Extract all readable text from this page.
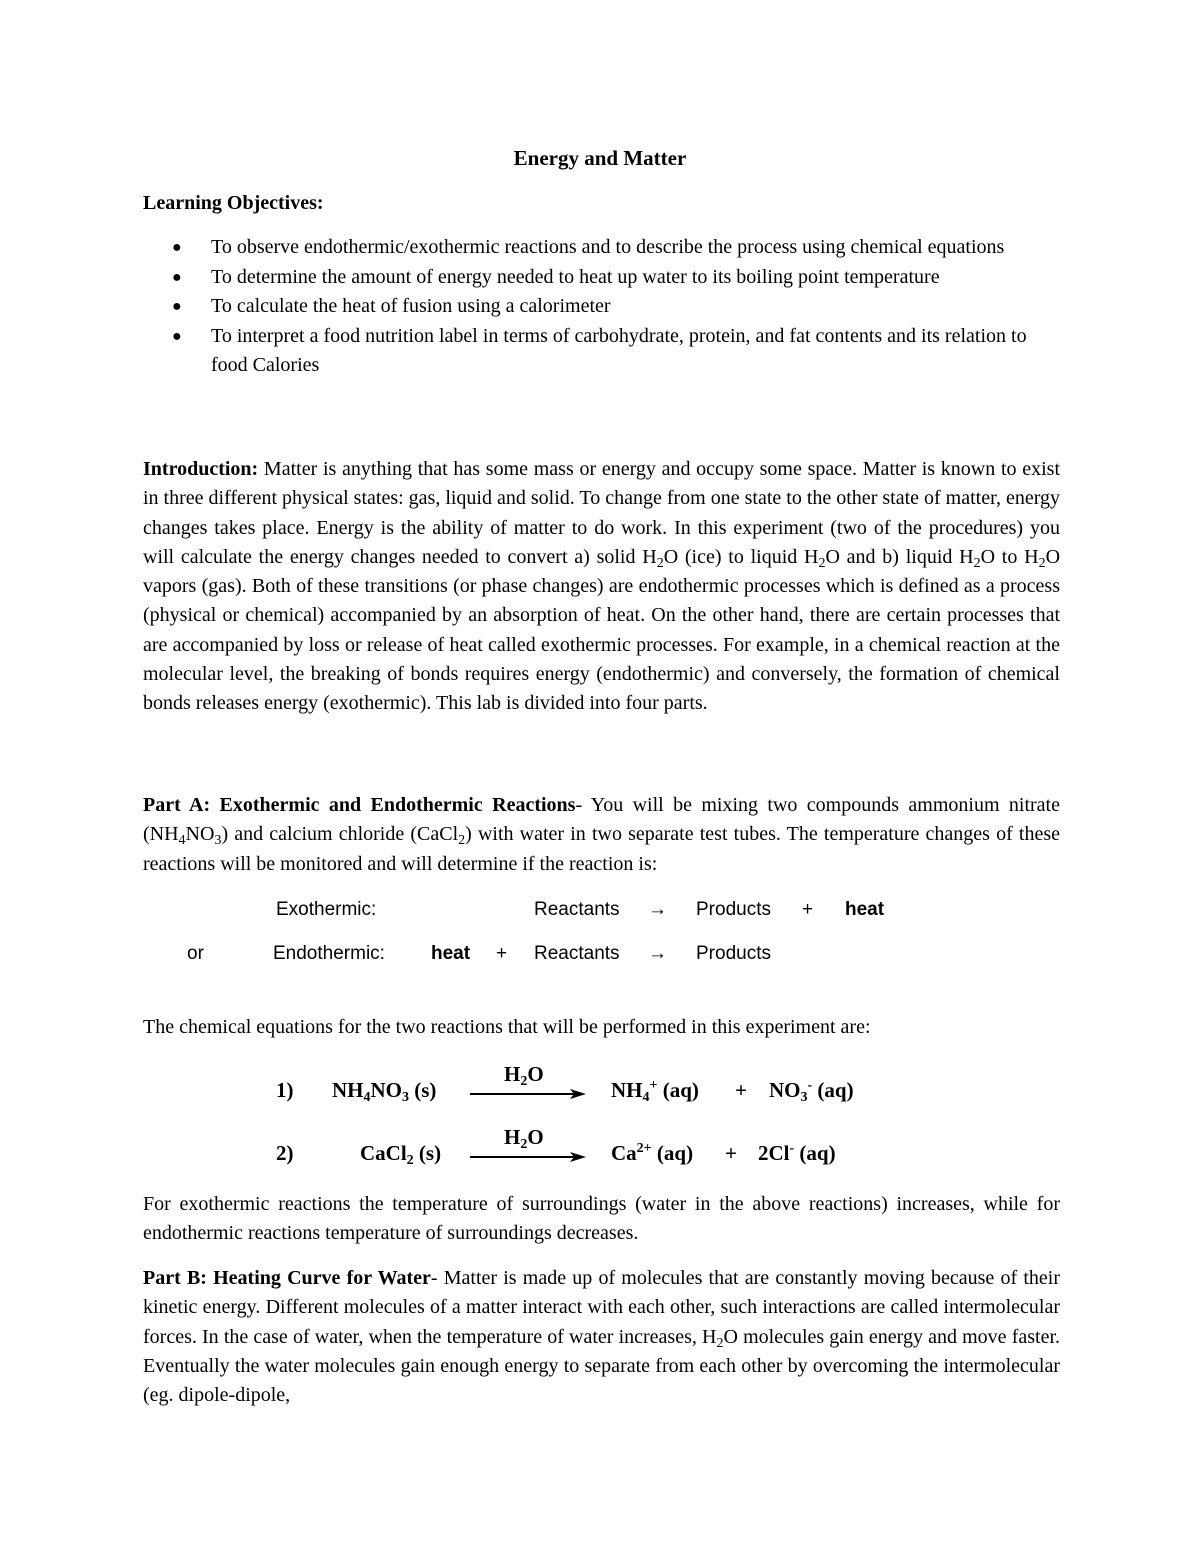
Energy and Matter
Learning Objectives:
● To observe endothermic/exothermic reactions and to describe the process using chemical equations
● To determine the amount of energy needed to heat up water to its boiling point temperature
● To calculate the heat of fusion using a calorimeter
● To interpret a food nutrition label in terms of carbohydrate, protein, and fat contents and its relation to food Calories

Introduction: Matter is anything that has some mass or energy and occupy some space. Matter is known to exist in three different physical states: gas, liquid and solid. To change from one state to the other state of matter, energy changes takes place. Energy is the ability of matter to do work. In this experiment (two of the procedures) you will calculate the energy changes needed to convert a) solid $H_2O$ (ice) to liquid $H_2O$ and b) liquid $H_2O$ to $H_2O$ vapors (gas). Both of these transitions (or phase changes) are endothermic processes which is defined as a process (physical or chemical) accompanied by an absorption of heat. On the other hand, there are certain processes that are accompanied by loss or release of heat called exothermic processes. For example, in a chemical reaction at the molecular level, the breaking of bonds requires energy (endothermic) and conversely, the formation of chemical bonds releases energy (exothermic). This lab is divided into four parts.

Part A: Exothermic and Endothermic Reactions- You will be mixing two compounds ammonium nitrate $(NH_4NO_3)$ and calcium chloride (CaCl$_2$) with water in two separate test tubes. The temperature changes of these reactions will be monitored and will determine if the reaction is:

Exothermic:	Reactants → Products + heat
or	Endothermic: heat + Reactants → Products

The chemical equations for the two reactions that will be performed in this experiment are:

1) $NH_4NO_3$ (s)
$H_2O$
$NH_4^+$ $(aq) + NO_3^-$ (aq)
2)	CaCl$_2$ (s)
$H_2O$
$Ca^{2+}$ (aq) + 2Cl- (aq)

For exothermic reactions the temperature of surroundings (water in the above reactions) increases, while for endothermic reactions temperature of surroundings decreases.

Part B: Heating Curve for Water- Matter is made up of molecules that are constantly moving because of their kinetic energy. Different molecules of a matter interact with each other, such interactions are called intermolecular forces. In the case of water, when the temperature of water increases, $H_2O$ molecules gain energy and move faster. Eventually the water molecules gain enough energy to separate from each other by overcoming the intermolecular (eg. dipole-dipole,
